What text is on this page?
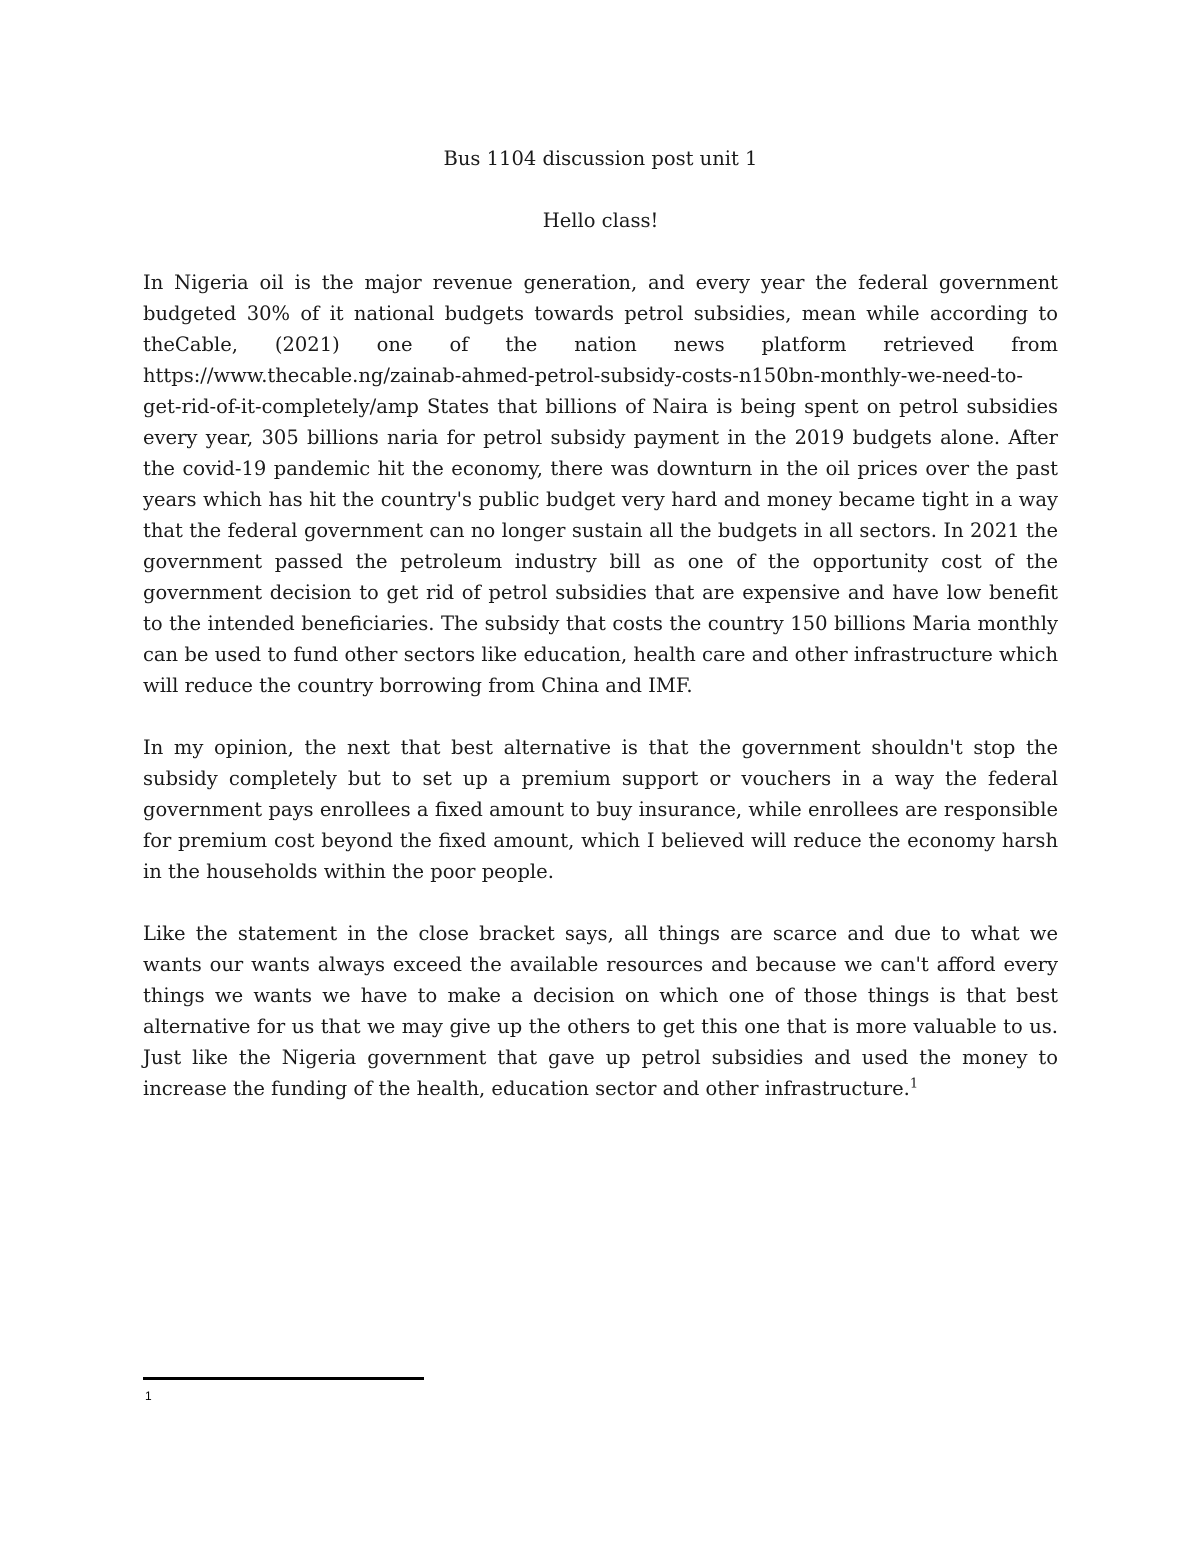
Bus 1104 discussion post unit 1

Hello class!

In Nigeria oil is the major revenue generation, and every year the federal government budgeted 30% of it national budgets towards petrol subsidies, mean while according to theCable, (2021) one of the nation news platform retrieved from https://www.thecable.ng/zainab-ahmed-petrol-subsidy-costs-n150bn-monthly-we-need-to-get-rid-of-it-completely/amp States that billions of Naira is being spent on petrol subsidies every year, 305 billions naria for petrol subsidy payment in the 2019 budgets alone. After the covid-19 pandemic hit the economy, there was downturn in the oil prices over the past years which has hit the country's public budget very hard and money became tight in a way that the federal government can no longer sustain all the budgets in all sectors. In 2021 the government passed the petroleum industry bill as one of the opportunity cost of the government decision to get rid of petrol subsidies that are expensive and have low benefit to the intended beneficiaries. The subsidy that costs the country 150 billions Maria monthly can be used to fund other sectors like education, health care and other infrastructure which will reduce the country borrowing from China and IMF.

In my opinion, the next that best alternative is that the government shouldn't stop the subsidy completely but to set up a premium support or vouchers in a way the federal government pays enrollees a fixed amount to buy insurance, while enrollees are responsible for premium cost beyond the fixed amount, which I believed will reduce the economy harsh in the households within the poor people.

Like the statement in the close bracket says, all things are scarce and due to what we wants our wants always exceed the available resources and because we can't afford every things we wants we have to make a decision on which one of those things is that best alternative for us that we may give up the others to get this one that is more valuable to us. Just like the Nigeria government that gave up petrol subsidies and used the money to increase the funding of the health, education sector and other infrastructure.$^1$

1
